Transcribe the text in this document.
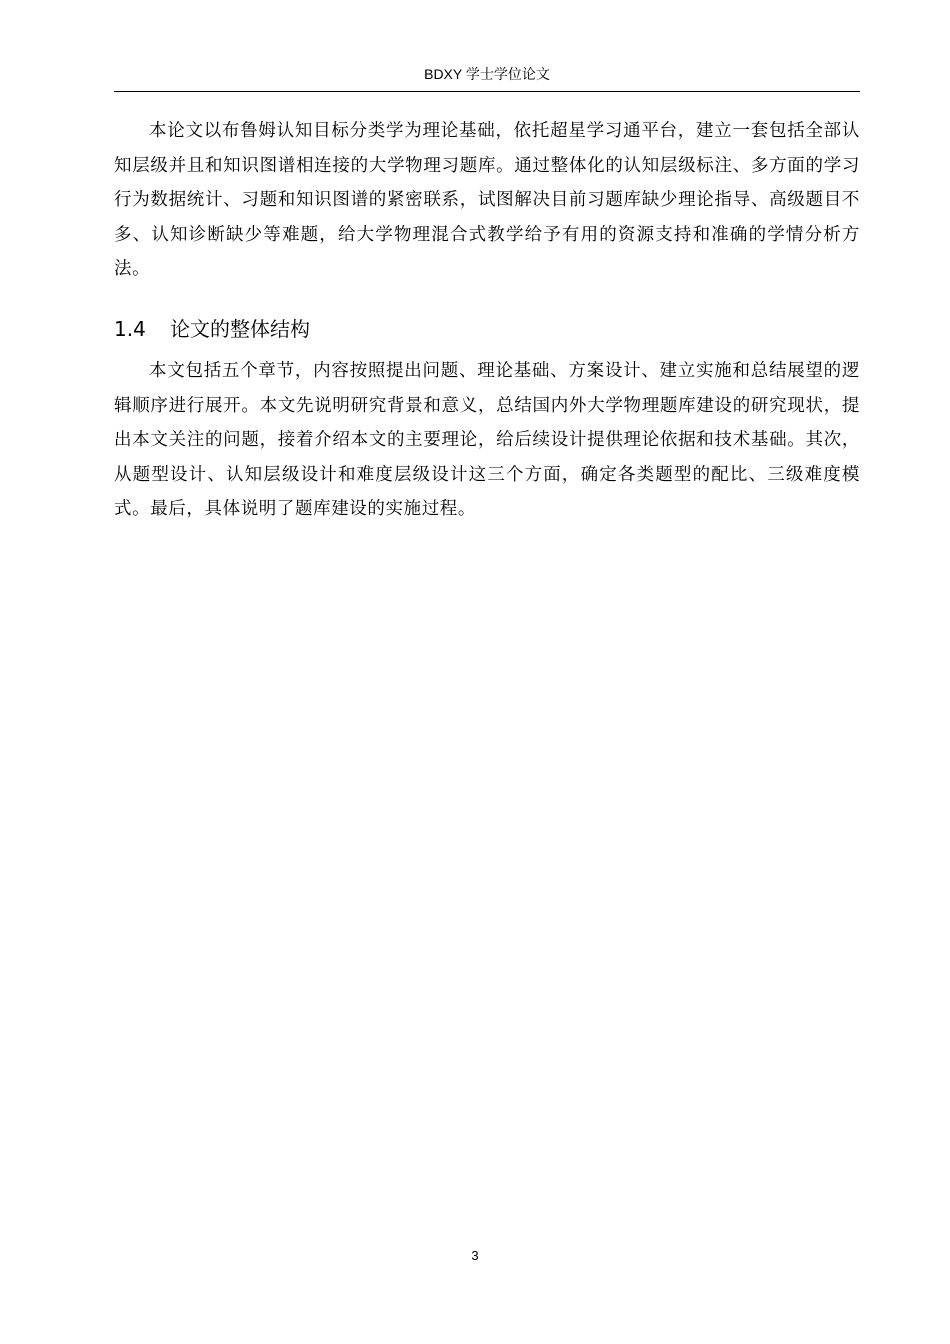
BDXY 学士学位论文

本论文以布鲁姆认知目标分类学为理论基础，依托超星学习通平台，建立一套包括全部认知层级并且和知识图谱相连接的大学物理习题库。通过整体化的认知层级标注、多方面的学习行为数据统计、习题和知识图谱的紧密联系，试图解决目前习题库缺少理论指导、高级题目不多、认知诊断缺少等难题，给大学物理混合式教学给予有用的资源支持和准确的学情分析方法。

1.4 论文的整体结构

本文包括五个章节，内容按照提出问题、理论基础、方案设计、建立实施和总结展望的逻辑顺序进行展开。本文先说明研究背景和意义，总结国内外大学物理题库建设的研究现状，提出本文关注的问题，接着介绍本文的主要理论，给后续设计提供理论依据和技术基础。其次，从题型设计、认知层级设计和难度层级设计这三个方面，确定各类题型的配比、三级难度模式。最后，具体说明了题库建设的实施过程。

3
